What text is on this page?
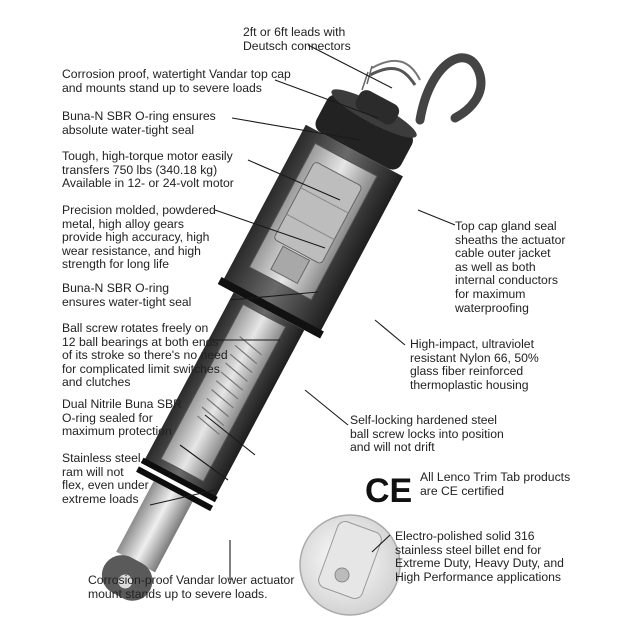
CE
2ft or 6ft leads with
Deutsch connectors
Corrosion proof, watertight Vandar top cap
and mounts stand up to severe loads
Buna-N SBR O-ring ensures
absolute water-tight seal
Tough, high-torque motor easily
transfers 750 lbs (340.18 kg)
Available in 12- or 24-volt motor
Precision molded, powdered
metal, high alloy gears
provide high accuracy, high
wear resistance, and high
strength for long life
Buna-N SBR O-ring
ensures water-tight seal
Ball screw rotates freely on
12 ball bearings at both ends
of its stroke so there's no need
for complicated limit switches
and clutches
Dual Nitrile Buna SBR
O-ring sealed for
maximum protection
Stainless steel
ram will not
flex, even under
extreme loads
Corrosion-proof Vandar lower actuator
mount stands up to severe loads.
Top cap gland seal
sheaths the actuator
cable outer jacket
as well as both
internal conductors
for maximum
waterproofing
High-impact, ultraviolet
resistant Nylon 66, 50%
glass fiber reinforced
thermoplastic housing
Self-locking hardened steel
ball screw locks into position
and will not drift
All Lenco Trim Tab products
are CE certified
Electro-polished solid 316
stainless steel billet end for
Extreme Duty, Heavy Duty, and
High Performance applications
